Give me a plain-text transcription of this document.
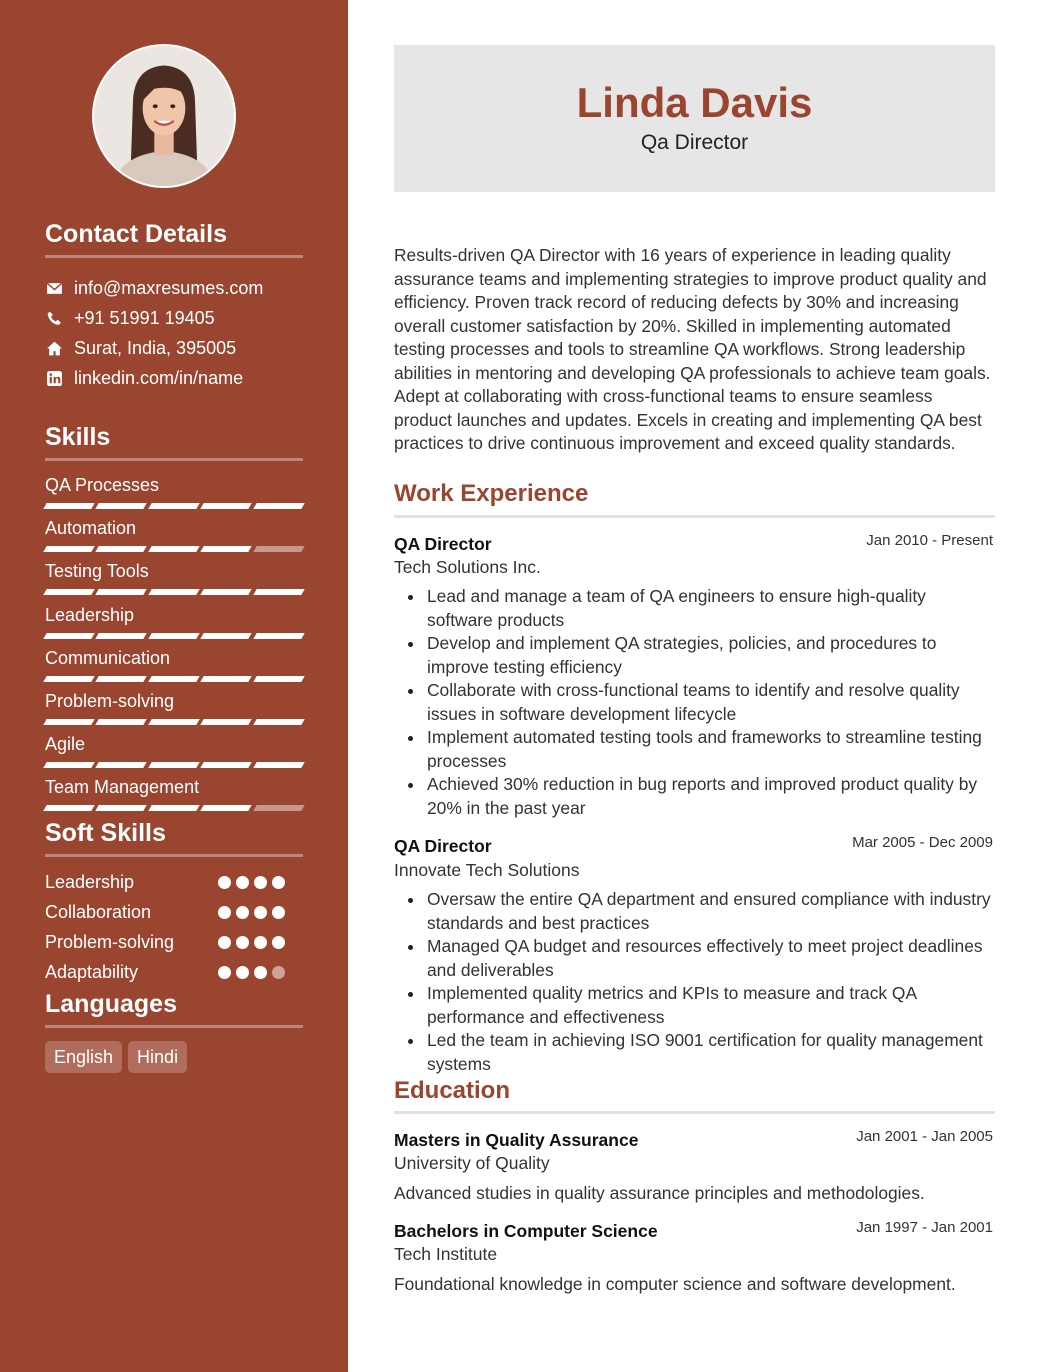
Contact Details
info@maxresumes.com
+91 51991 19405
Surat, India, 395005
linkedin.com/in/name
Skills
QA Processes
Automation
Testing Tools
Leadership
Communication
Problem-solving
Agile
Team Management
Soft Skills
Leadership
Collaboration
Problem-solving
Adaptability
Languages
English	Hindi
Linda Davis
Qa Director
Results-driven QA Director with 16 years of experience in leading quality assurance teams and implementing strategies to improve product quality and efficiency. Proven track record of reducing defects by 30% and increasing overall customer satisfaction by 20%. Skilled in implementing automated testing processes and tools to streamline QA workflows. Strong leadership abilities in mentoring and developing QA professionals to achieve team goals. Adept at collaborating with cross-functional teams to ensure seamless product launches and updates. Excels in creating and implementing QA best practices to drive continuous improvement and exceed quality standards.
Work Experience
QA Director	Jan 2010 - Present
Tech Solutions Inc.
Lead and manage a team of QA engineers to ensure high-quality software products
Develop and implement QA strategies, policies, and procedures to improve testing efficiency
Collaborate with cross-functional teams to identify and resolve quality issues in software development lifecycle
Implement automated testing tools and frameworks to streamline testing processes
Achieved 30% reduction in bug reports and improved product quality by 20% in the past year
QA Director	Mar 2005 - Dec 2009
Innovate Tech Solutions
Oversaw the entire QA department and ensured compliance with industry standards and best practices
Managed QA budget and resources effectively to meet project deadlines and deliverables
Implemented quality metrics and KPIs to measure and track QA performance and effectiveness
Led the team in achieving ISO 9001 certification for quality management systems
Education
Masters in Quality Assurance	Jan 2001 - Jan 2005
University of Quality
Advanced studies in quality assurance principles and methodologies.
Bachelors in Computer Science	Jan 1997 - Jan 2001
Tech Institute
Foundational knowledge in computer science and software development.
